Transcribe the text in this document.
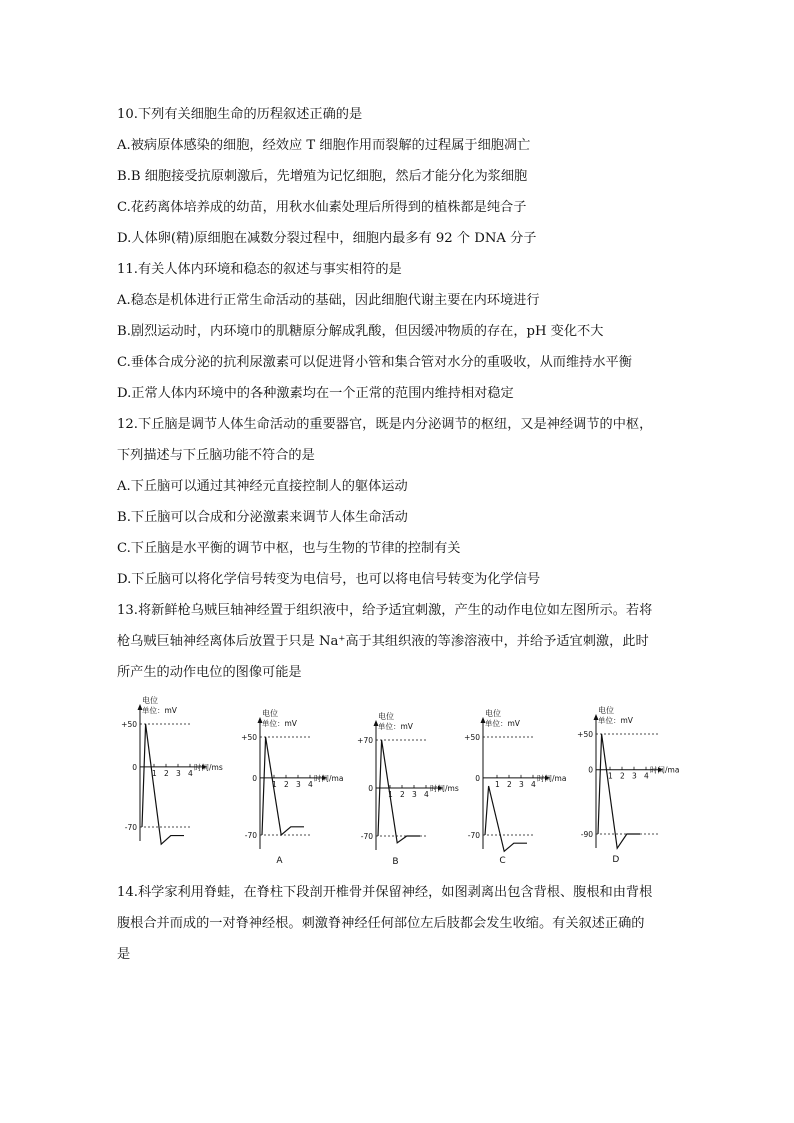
10.下列有关细胞生命的历程叙述正确的是
A.被病原体感染的细胞，经效应 T 细胞作用而裂解的过程属于细胞凋亡
B.B 细胞接受抗原刺激后，先增殖为记忆细胞，然后才能分化为浆细胞
C.花药离体培养成的幼苗，用秋水仙素处理后所得到的植株都是纯合子
D.人体卵(精)原细胞在减数分裂过程中，细胞内最多有 92 个 DNA 分子
11.有关人体内环境和稳态的叙述与事实相符的是
A.稳态是机体进行正常生命活动的基础，因此细胞代谢主要在内环境进行
B.剧烈运动时，内环境巾的肌糖原分解成乳酸，但因缓冲物质的存在，pH 变化不大
C.垂体合成分泌的抗利尿激素可以促进肾小管和集合管对水分的重吸收，从而维持水平衡
D.正常人体内环境中的各种激素均在一个正常的范围内维持相对稳定
12.下丘脑是调节人体生命活动的重要器官，既是内分泌调节的枢纽，又是神经调节的中枢，
下列描述与下丘脑功能不符合的是
A.下丘脑可以通过其神经元直接控制人的躯体运动
B.下丘脑可以合成和分泌激素来调节人体生命活动
C.下丘脑是水平衡的调节中枢，也与生物的节律的控制有关
D.下丘脑可以将化学信号转变为电信号，也可以将电信号转变为化学信号
13.将新鲜枪乌贼巨轴神经置于组织液中，给予适宜刺激，产生的动作电位如左图所示。若将
枪乌贼巨轴神经离体后放置于只是 Na⁺高于其组织液的等渗溶液中，并给予适宜刺激，此时
所产生的动作电位的图像可能是
电位
单位：mV
+50
0
-70
1 2 3 4
时间/ms
电位
单位：mV
+50
0
-70
1 2 3 4
时间/ma
A
电位
单位：mV
+70
0
-70
1 2 3 4
时间/ms
B
电位
单位：mV
+50
0
-70
1 2 3 4
时间/ma
C
电位
单位：mV
+50
0
-90
1 2 3 4
时间/ma
D
14.科学家利用脊蛙，在脊柱下段剖开椎骨并保留神经，如图剥离出包含背根、腹根和由背根
腹根合并而成的一对脊神经根。刺激脊神经任何部位左后肢都会发生收缩。有关叙述正确的
是
